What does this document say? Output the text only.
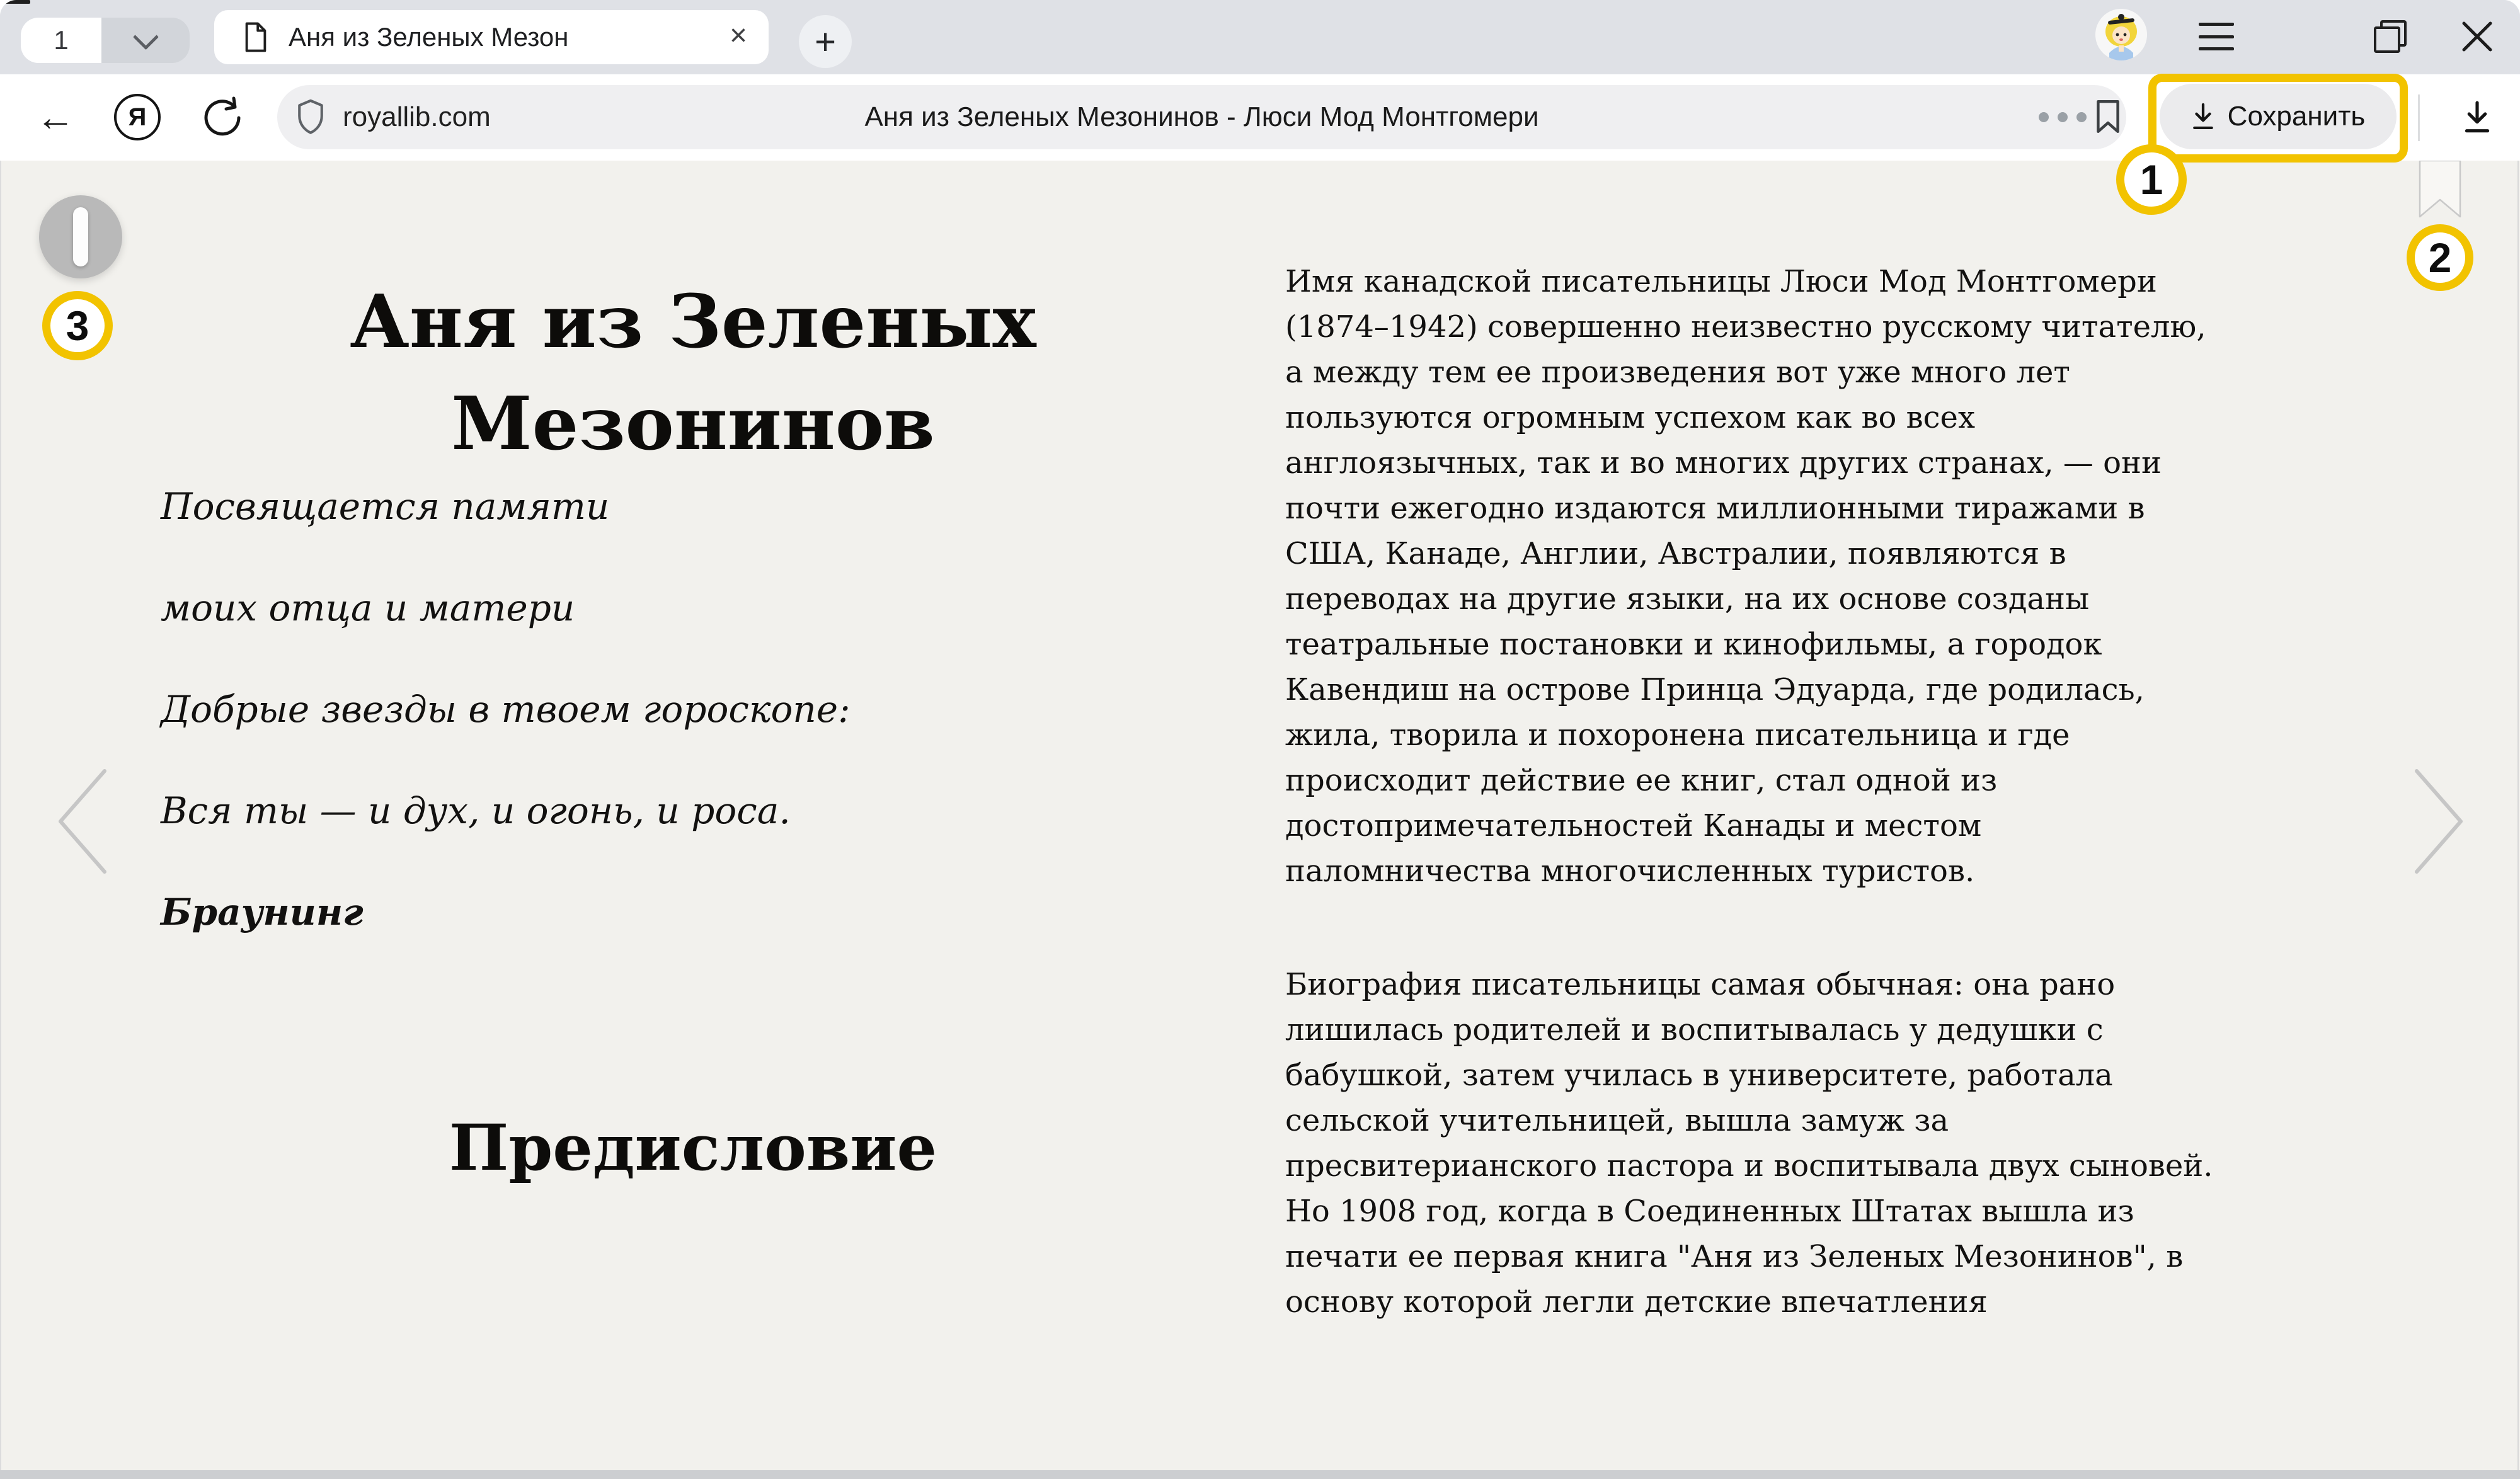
1	Аня из Зеленых Мезон	×	+
←	Я	royallib.com	Аня из Зеленых Мезонинов - Люси Мод Монтгомери	Сохранить
1
2
3	Аня из Зеленых
Мезонинов
Посвящается памяти
моих отца и матери
Добрые звезды в твоем гороскопе:
Вся ты — и дух, и огонь, и роса.
Браунинг
Предисловие
Имя канадской писательницы Люси Мод Монтгомери
(1874–1942) совершенно неизвестно русскому читателю,
а между тем ее произведения вот уже много лет
пользуются огромным успехом как во всех
англоязычных, так и во многих других странах, — они
почти ежегодно издаются миллионными тиражами в
США, Канаде, Англии, Австралии, появляются в
переводах на другие языки, на их основе созданы
театральные постановки и кинофильмы, а городок
Кавендиш на острове Принца Эдуарда, где родилась,
жила, творила и похоронена писательница и где
происходит действие ее книг, стал одной из
достопримечательностей Канады и местом
паломничества многочисленных туристов.
Биография писательницы самая обычная: она рано
лишилась родителей и воспитывалась у дедушки с
бабушкой, затем училась в университете, работала
сельской учительницей, вышла замуж за
пресвитерианского пастора и воспитывала двух сыновей.
Но 1908 год, когда в Соединенных Штатах вышла из
печати ее первая книга "Аня из Зеленых Мезонинов", в
основу которой легли детские впечатления
